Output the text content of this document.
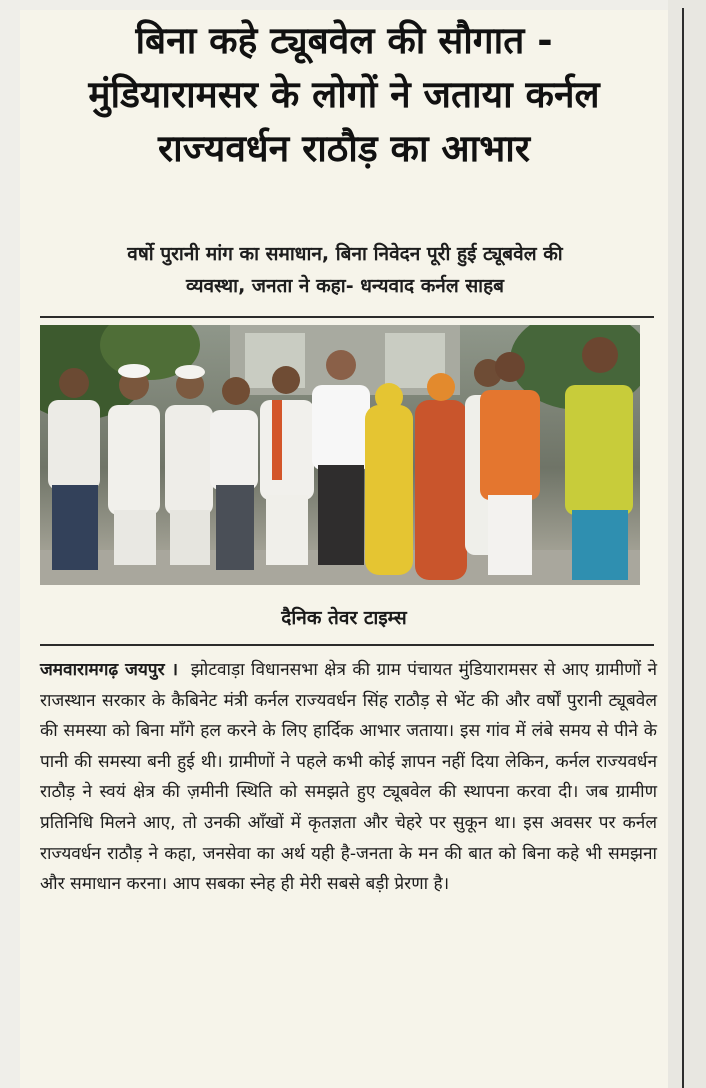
बिना कहे ट्यूबवेल की सौगात -
मुंडियारामसर के लोगों ने जताया कर्नल
राज्यवर्धन राठौड़ का आभार
वर्षो पुरानी मांग का समाधान, बिना निवेदन पूरी हुई ट्यूबवेल की
व्यवस्था, जनता ने कहा- धन्यवाद कर्नल साहब
दैनिक तेवर टाइम्स
जमवारामगढ़ जयपुर । झोटवाड़ा विधानसभा क्षेत्र की ग्राम पंचायत मुंडियारामसर से आए ग्रामीणों ने राजस्थान सरकार के कैबिनेट मंत्री कर्नल राज्यवर्धन सिंह राठौड़ से भेंट की और वर्षों पुरानी ट्यूबवेल की समस्या को बिना माँगे हल करने के लिए हार्दिक आभार जताया। इस गांव में लंबे समय से पीने के पानी की समस्या बनी हुई थी। ग्रामीणों ने पहले कभी कोई ज्ञापन नहीं दिया लेकिन, कर्नल राज्यवर्धन राठौड़ ने स्वयं क्षेत्र की ज़मीनी स्थिति को समझते हुए ट्यूबवेल की स्थापना करवा दी। जब ग्रामीण प्रतिनिधि मिलने आए, तो उनकी आँखों में कृतज्ञता और चेहरे पर सुकून था। इस अवसर पर कर्नल राज्यवर्धन राठौड़ ने कहा, जनसेवा का अर्थ यही है-जनता के मन की बात को बिना कहे भी समझना और समाधान करना। आप सबका स्नेह ही मेरी सबसे बड़ी प्रेरणा है।
